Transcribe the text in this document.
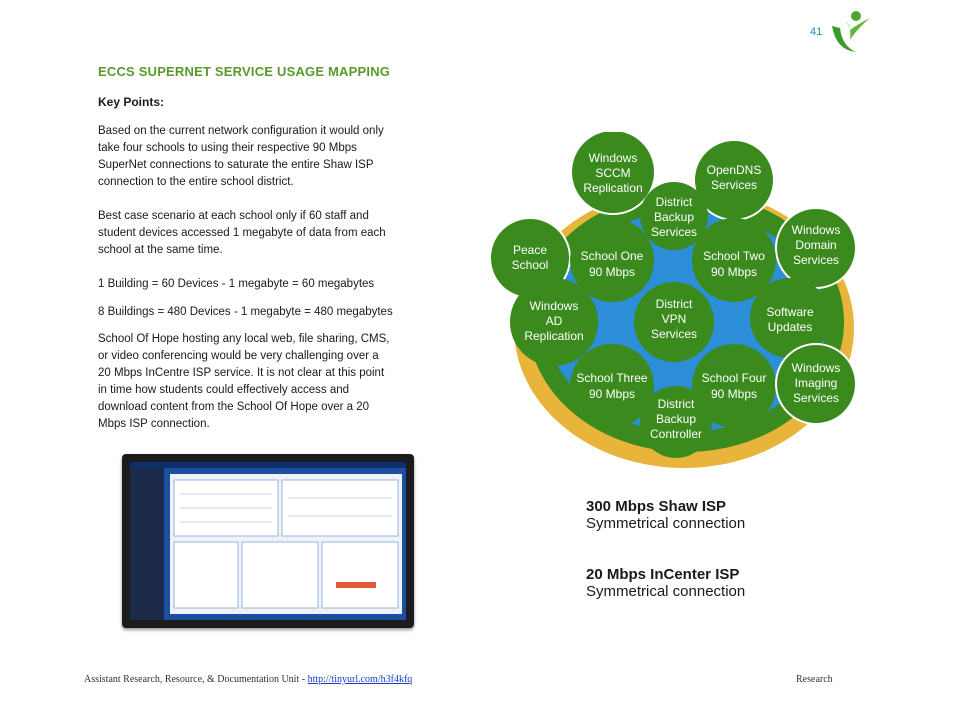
41
ECCS SUPERNET SERVICE USAGE MAPPING
Key Points:
Based on the current network configuration it would only
take four schools to using their respective 90 Mbps
SuperNet connections to saturate the entire Shaw ISP
connection to the entire school district.
Best case scenario at each school only if 60 staff and
student devices accessed 1 megabyte of data from each
school at the same time.
1 Building = 60 Devices - 1 megabyte = 60 megabytes
8 Buildings = 480 Devices - 1 megabyte = 480 megabytes
School Of Hope hosting any local web, file sharing, CMS,
or video conferencing would be very challenging over a
20 Mbps InCentre ISP service. It is not clear at this point
in time how students could effectively access and
download content from the School Of Hope over a 20
Mbps ISP connection.
Windows
SCCM
Replication
OpenDNS
Services
District
Backup
Services	Windows
Domain
Services
Peace
School
School One
90 Mbps
School Two
90 Mbps
Windows
AD
Replication
District
VPN
Services
Software
Updates
School Three
90 Mbps
School Four
90 Mbps
Windows
Imaging
Services
District
Backup
Controller
300 Mbps Shaw ISP
Symmetrical connection
20 Mbps InCenter ISP
Symmetrical connection
Assistant Research, Resource, & Documentation Unit - http://tinyurl.com/h3f4kfq	Research
